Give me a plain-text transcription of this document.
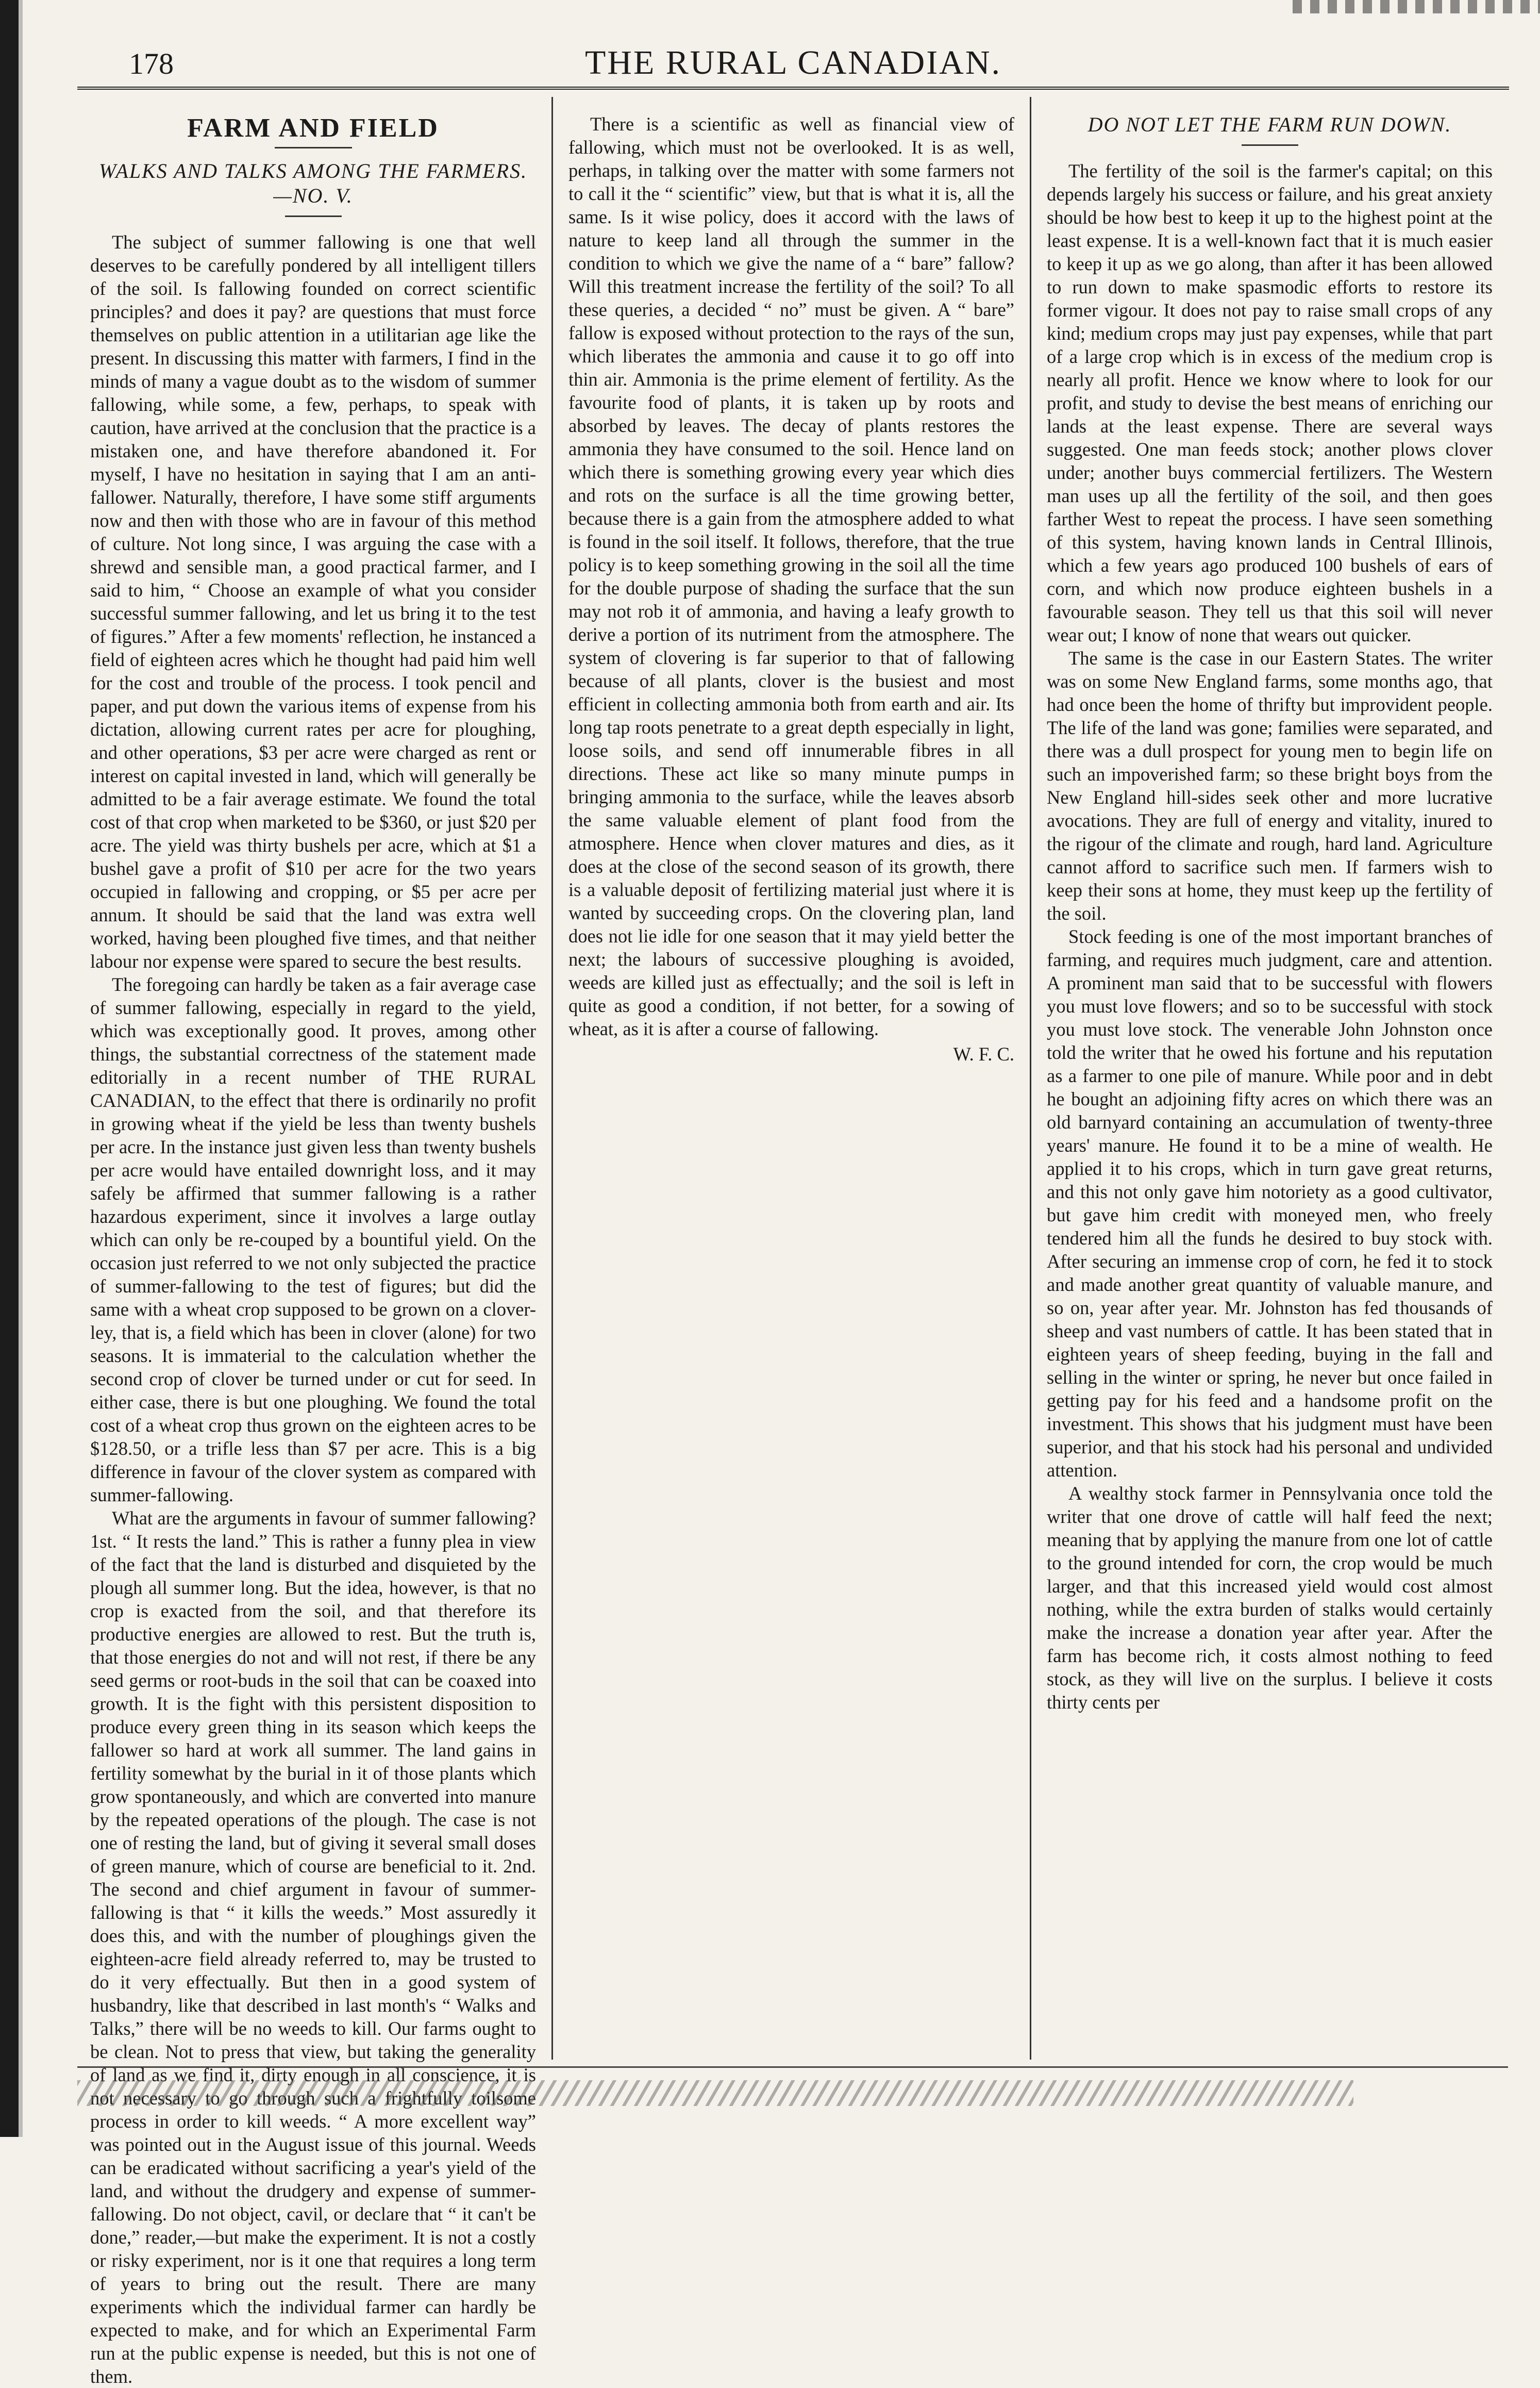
178	THE RURAL CANADIAN.
FARM AND FIELD
WALKS AND TALKS AMONG THE FARMERS.—NO. V.

The subject of summer fallowing is one that well deserves to be carefully pondered by all intelligent tillers of the soil. Is fallowing founded on correct scientific principles? and does it pay? are questions that must force themselves on public attention in a utilitarian age like the present. In discussing this matter with farmers, I find in the minds of many a vague doubt as to the wisdom of summer fallowing, while some, a few, perhaps, to speak with caution, have arrived at the conclusion that the practice is a mistaken one, and have therefore abandoned it. For myself, I have no hesitation in saying that I am an anti-fallower. Naturally, therefore, I have some stiff arguments now and then with those who are in favour of this method of culture. Not long since, I was arguing the case with a shrewd and sensible man, a good practical farmer, and I said to him, “ Choose an example of what you consider successful summer fallowing, and let us bring it to the test of figures.” After a few moments' reflection, he instanced a field of eighteen acres which he thought had paid him well for the cost and trouble of the process. I took pencil and paper, and put down the various items of expense from his dictation, allowing current rates per acre for ploughing, and other operations, $3 per acre were charged as rent or interest on capital invested in land, which will generally be admitted to be a fair average estimate. We found the total cost of that crop when marketed to be $360, or just $20 per acre. The yield was thirty bushels per acre, which at $1 a bushel gave a profit of $10 per acre for the two years occupied in fallowing and cropping, or $5 per acre per annum. It should be said that the land was extra well worked, having been ploughed five times, and that neither labour nor expense were spared to secure the best results.

The foregoing can hardly be taken as a fair average case of summer fallowing, especially in regard to the yield, which was exceptionally good. It proves, among other things, the substantial correctness of the statement made editorially in a recent number of THE RURAL CANADIAN, to the effect that there is ordinarily no profit in growing wheat if the yield be less than twenty bushels per acre. In the instance just given less than twenty bushels per acre would have entailed downright loss, and it may safely be affirmed that summer fallowing is a rather hazardous experiment, since it involves a large outlay which can only be re-couped by a bountiful yield. On the occasion just referred to we not only subjected the practice of summer-fallowing to the test of figures; but did the same with a wheat crop supposed to be grown on a clover-ley, that is, a field which has been in clover (alone) for two seasons. It is immaterial to the calculation whether the second crop of clover be turned under or cut for seed. In either case, there is but one ploughing. We found the total cost of a wheat crop thus grown on the eighteen acres to be $128.50, or a trifle less than $7 per acre. This is a big difference in favour of the clover system as compared with summer-fallowing.

What are the arguments in favour of summer fallowing? 1st. “ It rests the land.” This is rather a funny plea in view of the fact that the land is disturbed and disquieted by the plough all summer long. But the idea, however, is that no crop is exacted from the soil, and that therefore its productive energies are allowed to rest. But the truth is, that those energies do not and will not rest, if there be any seed germs or root-buds in the soil that can be coaxed into growth. It is the fight with this persistent disposition to produce every green thing in its season which keeps the fallower so hard at work all summer. The land gains in fertility somewhat by the burial in it of those plants which grow spontaneously, and which are converted into manure by the repeated operations of the plough. The case is not one of resting the land, but of giving it several small doses of green manure, which of course are beneficial to it. 2nd. The second and chief argument in favour of summer-fallowing is that “ it kills the weeds.” Most assuredly it does this, and with the number of ploughings given the eighteen-acre field already referred to, may be trusted to do it very effectually. But then in a good system of husbandry, like that described in last month's “ Walks and Talks,” there will be no weeds to kill. Our farms ought to be clean. Not to press that view, but taking the generality of land as we find it, dirty enough in all conscience, it is not necessary to go through such a frightfully toilsome process in order to kill weeds. “ A more excellent way” was pointed out in the August issue of this journal. Weeds can be eradicated without sacrificing a year's yield of the land, and without the drudgery and expense of summer-fallowing. Do not object, cavil, or declare that “ it can't be done,” reader,—but make the experiment. It is not a costly or risky experiment, nor is it one that requires a long term of years to bring out the result. There are many experiments which the individual farmer can hardly be expected to make, and for which an Experimental Farm run at the public expense is needed, but this is not one of them.

There is a scientific as well as financial view of fallowing, which must not be overlooked. It is as well, perhaps, in talking over the matter with some farmers not to call it the “ scientific” view, but that is what it is, all the same. Is it wise policy, does it accord with the laws of nature to keep land all through the summer in the condition to which we give the name of a “ bare” fallow? Will this treatment increase the fertility of the soil? To all these queries, a decided “ no” must be given. A “ bare” fallow is exposed without protection to the rays of the sun, which liberates the ammonia and cause it to go off into thin air. Ammonia is the prime element of fertility. As the favourite food of plants, it is taken up by roots and absorbed by leaves. The decay of plants restores the ammonia they have consumed to the soil. Hence land on which there is something growing every year which dies and rots on the surface is all the time growing better, because there is a gain from the atmosphere added to what is found in the soil itself. It follows, therefore, that the true policy is to keep something growing in the soil all the time for the double purpose of shading the surface that the sun may not rob it of ammonia, and having a leafy growth to derive a portion of its nutriment from the atmosphere. The system of clovering is far superior to that of fallowing because of all plants, clover is the busiest and most efficient in collecting ammonia both from earth and air. Its long tap roots penetrate to a great depth especially in light, loose soils, and send off innumerable fibres in all directions. These act like so many minute pumps in bringing ammonia to the surface, while the leaves absorb the same valuable element of plant food from the atmosphere. Hence when clover matures and dies, as it does at the close of the second season of its growth, there is a valuable deposit of fertilizing material just where it is wanted by succeeding crops. On the clovering plan, land does not lie idle for one season that it may yield better the next; the labours of successive ploughing is avoided, weeds are killed just as effectually; and the soil is left in quite as good a condition, if not better, for a sowing of wheat, as it is after a course of fallowing.

W. F. C.
DO NOT LET THE FARM RUN DOWN.

The fertility of the soil is the farmer's capital; on this depends largely his success or failure, and his great anxiety should be how best to keep it up to the highest point at the least expense. It is a well-known fact that it is much easier to keep it up as we go along, than after it has been allowed to run down to make spasmodic efforts to restore its former vigour. It does not pay to raise small crops of any kind; medium crops may just pay expenses, while that part of a large crop which is in excess of the medium crop is nearly all profit. Hence we know where to look for our profit, and study to devise the best means of enriching our lands at the least expense. There are several ways suggested. One man feeds stock; another plows clover under; another buys commercial fertilizers. The Western man uses up all the fertility of the soil, and then goes farther West to repeat the process. I have seen something of this system, having known lands in Central Illinois, which a few years ago produced 100 bushels of ears of corn, and which now produce eighteen bushels in a favourable season. They tell us that this soil will never wear out; I know of none that wears out quicker.

The same is the case in our Eastern States. The writer was on some New England farms, some months ago, that had once been the home of thrifty but improvident people. The life of the land was gone; families were separated, and there was a dull prospect for young men to begin life on such an impoverished farm; so these bright boys from the New England hill-sides seek other and more lucrative avocations. They are full of energy and vitality, inured to the rigour of the climate and rough, hard land. Agriculture cannot afford to sacrifice such men. If farmers wish to keep their sons at home, they must keep up the fertility of the soil.

Stock feeding is one of the most important branches of farming, and requires much judgment, care and attention. A prominent man said that to be successful with flowers you must love flowers; and so to be successful with stock you must love stock. The venerable John Johnston once told the writer that he owed his fortune and his reputation as a farmer to one pile of manure. While poor and in debt he bought an adjoining fifty acres on which there was an old barnyard containing an accumulation of twenty-three years' manure. He found it to be a mine of wealth. He applied it to his crops, which in turn gave great returns, and this not only gave him notoriety as a good cultivator, but gave him credit with moneyed men, who freely tendered him all the funds he desired to buy stock with. After securing an immense crop of corn, he fed it to stock and made another great quantity of valuable manure, and so on, year after year. Mr. Johnston has fed thousands of sheep and vast numbers of cattle. It has been stated that in eighteen years of sheep feeding, buying in the fall and selling in the winter or spring, he never but once failed in getting pay for his feed and a handsome profit on the investment. This shows that his judgment must have been superior, and that his stock had his personal and undivided attention.

A wealthy stock farmer in Pennsylvania once told the writer that one drove of cattle will half feed the next; meaning that by applying the manure from one lot of cattle to the ground intended for corn, the crop would be much larger, and that this increased yield would cost almost nothing, while the extra burden of stalks would certainly make the increase a donation year after year. After the farm has become rich, it costs almost nothing to feed stock, as they will live on the surplus. I believe it costs thirty cents per
